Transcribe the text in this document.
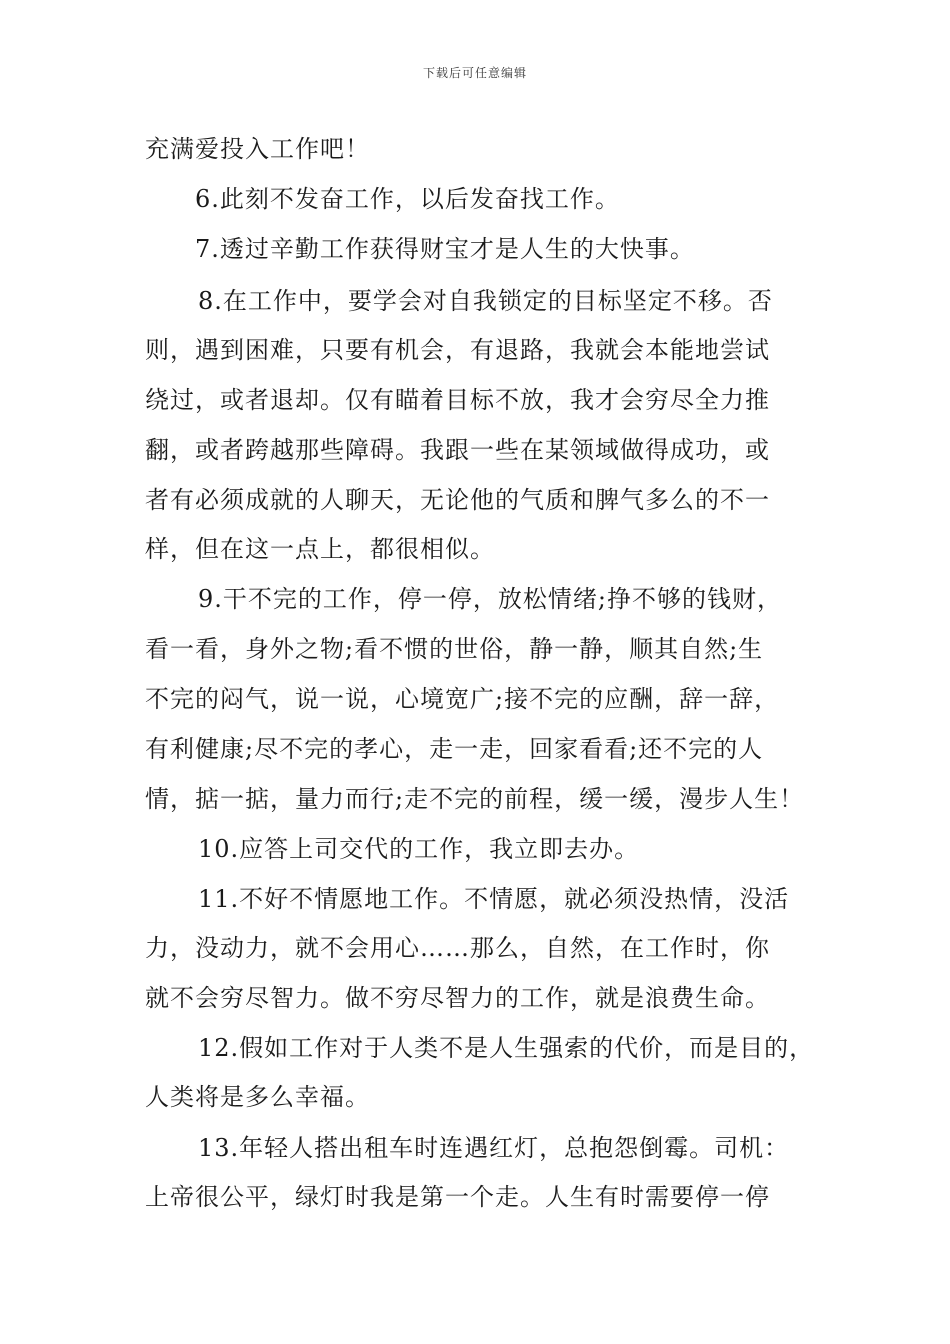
下载后可任意编辑
充满爱投入工作吧！
6.此刻不发奋工作，以后发奋找工作。
7.透过辛勤工作获得财宝才是人生的大快事。
8.在工作中，要学会对自我锁定的目标坚定不移。否
则，遇到困难，只要有机会，有退路，我就会本能地尝试
绕过，或者退却。仅有瞄着目标不放，我才会穷尽全力推
翻，或者跨越那些障碍。我跟一些在某领域做得成功，或
者有必须成就的人聊天，无论他的气质和脾气多么的不一
样，但在这一点上，都很相似。
9.干不完的工作，停一停，放松情绪;挣不够的钱财，
看一看，身外之物;看不惯的世俗，静一静，顺其自然;生
不完的闷气，说一说，心境宽广;接不完的应酬，辞一辞，
有利健康;尽不完的孝心，走一走，回家看看;还不完的人
情，掂一掂，量力而行;走不完的前程，缓一缓，漫步人生！
10.应答上司交代的工作，我立即去办。
11.不好不情愿地工作。不情愿，就必须没热情，没活
力，没动力，就不会用心……那么，自然，在工作时，你
就不会穷尽智力。做不穷尽智力的工作，就是浪费生命。
12.假如工作对于人类不是人生强索的代价，而是目的，
人类将是多么幸福。
13.年轻人搭出租车时连遇红灯，总抱怨倒霉。司机：
上帝很公平，绿灯时我是第一个走。人生有时需要停一停
